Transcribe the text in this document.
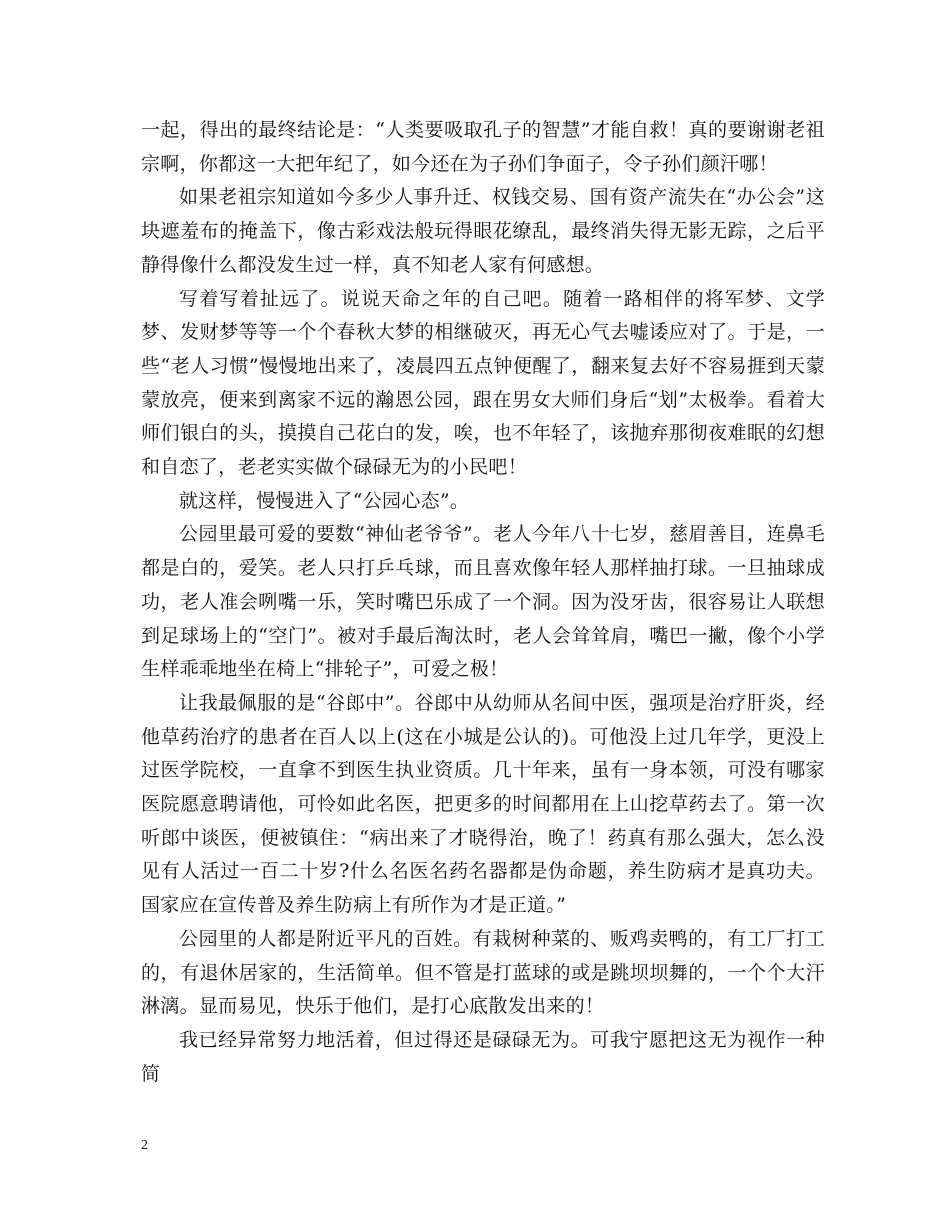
一起，得出的最终结论是：“人类要吸取孔子的智慧”才能自救！真的要谢谢老祖宗啊，你都这一大把年纪了，如今还在为子孙们争面子，令子孙们颜汗哪！

如果老祖宗知道如今多少人事升迁、权钱交易、国有资产流失在“办公会”这块遮羞布的掩盖下，像古彩戏法般玩得眼花缭乱，最终消失得无影无踪，之后平静得像什么都没发生过一样，真不知老人家有何感想。

写着写着扯远了。说说天命之年的自己吧。随着一路相伴的将军梦、文学梦、发财梦等等一个个春秋大梦的相继破灭，再无心气去嘘诿应对了。于是，一些“老人习惯”慢慢地出来了，凌晨四五点钟便醒了，翻来复去好不容易捱到天蒙蒙放亮，便来到离家不远的瀚恩公园，跟在男女大师们身后“划”太极拳。看着大师们银白的头，摸摸自己花白的发，唉，也不年轻了，该抛弃那彻夜难眠的幻想和自恋了，老老实实做个碌碌无为的小民吧！

就这样，慢慢进入了“公园心态”。

公园里最可爱的要数“神仙老爷爷”。老人今年八十七岁，慈眉善目，连鼻毛都是白的，爱笑。老人只打乒乓球，而且喜欢像年轻人那样抽打球。一旦抽球成功，老人准会咧嘴一乐，笑时嘴巴乐成了一个洞。因为没牙齿，很容易让人联想到足球场上的“空门”。被对手最后淘汰时，老人会耸耸肩，嘴巴一撇，像个小学生样乖乖地坐在椅上“排轮子”，可爱之极！

让我最佩服的是“谷郎中”。谷郎中从幼师从名间中医，强项是治疗肝炎，经他草药治疗的患者在百人以上(这在小城是公认的)。可他没上过几年学，更没上过医学院校，一直拿不到医生执业资质。几十年来，虽有一身本领，可没有哪家医院愿意聘请他，可怜如此名医，把更多的时间都用在上山挖草药去了。第一次听郎中谈医，便被镇住：“病出来了才晓得治，晚了！药真有那么强大，怎么没见有人活过一百二十岁?什么名医名药名器都是伪命题，养生防病才是真功夫。国家应在宣传普及养生防病上有所作为才是正道。”

公园里的人都是附近平凡的百姓。有栽树种菜的、贩鸡卖鸭的，有工厂打工的，有退休居家的，生活简单。但不管是打蓝球的或是跳坝坝舞的，一个个大汗淋漓。显而易见，快乐于他们，是打心底散发出来的！

我已经异常努力地活着，但过得还是碌碌无为。可我宁愿把这无为视作一种简

2
